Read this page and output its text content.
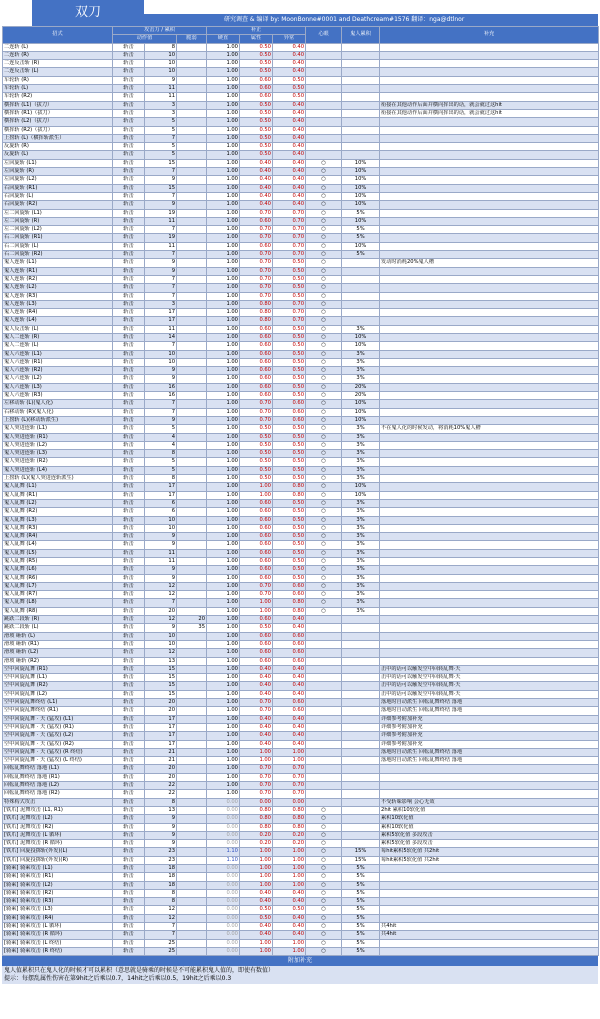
双刀	研究调查 & 编译 by: MoonBonne#0001 and Deathcream#1576 翻译：nga@dtlnor
招式	攻击力 / 累积			补正			心眼	鬼人累积	补充
	动作值		脆弱	硬直	属性	异常			
二连斩 (L)	斩击	8		1.00	0.50	0.40			
二连斩 (R)	斩击	10		1.00	0.50	0.40			
二连反击斩 (R)	斩击	10		1.00	0.50	0.40			
二连反击斩 (L)	斩击	10		1.00	0.50	0.40			
车轮斩 (R)	斩击	9		1.00	0.60	0.50			
车轮斩 (L)	斩击	11		1.00	0.60	0.50			
车轮斩 (R2)	斩击	11		1.00	0.60	0.50			
横挥斩 (L1)（拔刀）	斩击	3		1.00	0.50	0.40			衔接在其他动作后面并横向挥出的话，就会就过这hit
横挥斩 (R1)（拔刀）	斩击	3		1.00	0.50	0.40			衔接在其他动作后面并横向挥出的话，就会就过这hit
横挥斩 (L2)（拔刀）	斩击	5		1.00	0.50	0.40			
横挥斩 (R2)（拔刀）	斩击	5		1.00	0.50	0.40			
上捞斩 (L)（横挥斩派生）	斩击	7		1.00	0.50	0.40			
反旋斩 (R)	斩击	5		1.00	0.50	0.40			
反旋斩 (L)	斩击	5		1.00	0.50	0.40			
左回旋斩 (L1)	斩击	15		1.00	0.40	0.40	○	10%	
左回旋斩 (R)	斩击	7		1.00	0.40	0.40	○	10%	
左回旋斩 (L2)	斩击	9		1.00	0.40	0.40	○	10%	
右回旋斩 (R1)	斩击	15		1.00	0.40	0.40	○	10%	
右回旋斩 (L)	斩击	7		1.00	0.40	0.40	○	10%	
右回旋斩 (R2)	斩击	9		1.00	0.40	0.40	○	10%	
左二回旋斩 (L1)	斩击	19		1.00	0.70	0.70	○	5%	
左二回旋斩 (R)	斩击	11		1.00	0.60	0.70	○	10%	
左二回旋斩 (L2)	斩击	7		1.00	0.70	0.70	○	5%	
右二回旋斩 (R1)	斩击	19		1.00	0.70	0.70	○	5%	
右二回旋斩 (L)	斩击	11		1.00	0.60	0.70	○	10%	
右二回旋斩 (R2)	斩击	7		1.00	0.70	0.70	○	5%	
鬼人连斩 (L1)	斩击	9		1.00	0.70	0.50	○		发动时消耗20%鬼人槽
鬼人连斩 (R1)	斩击	9		1.00	0.70	0.50	○		
鬼人连斩 (R2)	斩击	7		1.00	0.70	0.50	○		
鬼人连斩 (L2)	斩击	7		1.00	0.70	0.50	○		
鬼人连斩 (R3)	斩击	7		1.00	0.70	0.50	○		
鬼人连斩 (L3)	斩击	3		1.00	0.80	0.70	○		
鬼人连斩 (R4)	斩击	17		1.00	0.80	0.70	○		
鬼人连斩 (L4)	斩击	17		1.00	0.80	0.70	○		
鬼人反击斩 (L)	斩击	11		1.00	0.60	0.50	○	3%	
鬼人二连斩 (R)	斩击	14		1.00	0.60	0.50	○	10%	
鬼人二连斩 (L)	斩击	7		1.00	0.60	0.50	○	10%	
鬼人六连斩 (L1)	斩击	10		1.00	0.60	0.50	○	3%	
鬼人六连斩 (R1)	斩击	10		1.00	0.60	0.50	○	3%	
鬼人六连斩 (R2)	斩击	9		1.00	0.60	0.50	○	3%	
鬼人六连斩 (L2)	斩击	9		1.00	0.60	0.50	○	3%	
鬼人六连斩 (L3)	斩击	16		1.00	0.60	0.50	○	20%	
鬼人六连斩 (R3)	斩击	16		1.00	0.60	0.50	○	20%	
左移动斩 (L)(鬼人化)	斩击	7		1.00	0.70	0.60	○	10%	
右移动斩 (R)(鬼人化)	斩击	7		1.00	0.70	0.60	○	10%	
上捞斩 (L)(移动斩派生)	斩击	9		1.00	0.70	0.60	○	10%	
鬼人突进连斩 (L1)	斩击	5		1.00	0.50	0.50	○	3%	不在鬼人化的时候发动，将消耗10%鬼人槽
鬼人突进连斩 (R1)	斩击	4		1.00	0.50	0.50	○	3%	
鬼人突进连斩 (L2)	斩击	4		1.00	0.50	0.50	○	3%	
鬼人突进连斩 (L3)	斩击	8		1.00	0.50	0.50	○	3%	
鬼人突进连斩 (R2)	斩击	5		1.00	0.50	0.50	○	3%	
鬼人突进连斩 (L4)	斩击	5		1.00	0.50	0.50	○	3%	
上捞斩 (L)(鬼人突进连斩派生)	斩击	8		1.00	0.50	0.50	○	3%	
鬼人乱舞 (L1)	斩击	17		1.00	1.00	0.80	○	10%	
鬼人乱舞 (R1)	斩击	17		1.00	1.00	0.80	○	10%	
鬼人乱舞 (L2)	斩击	6		1.00	0.60	0.50	○	3%	
鬼人乱舞 (R2)	斩击	6		1.00	0.60	0.50	○	3%	
鬼人乱舞 (L3)	斩击	10		1.00	0.60	0.50	○	3%	
鬼人乱舞 (R3)	斩击	10		1.00	0.60	0.50	○	3%	
鬼人乱舞 (R4)	斩击	9		1.00	0.60	0.50	○	3%	
鬼人乱舞 (L4)	斩击	9		1.00	0.60	0.50	○	3%	
鬼人乱舞 (L5)	斩击	11		1.00	0.60	0.50	○	3%	
鬼人乱舞 (R5)	斩击	11		1.00	0.60	0.50	○	3%	
鬼人乱舞 (L6)	斩击	9		1.00	0.60	0.50	○	3%	
鬼人乱舞 (R6)	斩击	9		1.00	0.60	0.50	○	3%	
鬼人乱舞 (L7)	斩击	12		1.00	0.70	0.60	○	3%	
鬼人乱舞 (R7)	斩击	12		1.00	0.70	0.60	○	3%	
鬼人乱舞 (L8)	斩击	7		1.00	1.00	0.80	○	3%	
鬼人乱舞 (R8)	斩击	20		1.00	1.00	0.80	○	3%	
跳跃二段斩 (R)	斩击	12	20	1.00	0.60	0.40			
跳跃二段斩 (L)	斩击	9	35	1.00	0.50	0.40			
滑坡 砸斩 (L)	斩击	10		1.00	0.60	0.60			
滑坡 砸斩 (R1)	斩击	10		1.00	0.60	0.60			
滑坡 砸斩 (L2)	斩击	12		1.00	0.60	0.60			
滑坡 砸斩 (R2)	斩击	13		1.00	0.60	0.60			
空中回旋乱舞 (R1)	斩击	15		1.00	0.40	0.40			击中的话可以触发空中回转乱舞·天
空中回旋乱舞 (L1)	斩击	15		1.00	0.40	0.40			击中的话可以触发空中回转乱舞·天
空中回旋乱舞 (R2)	斩击	15		1.00	0.40	0.40			击中的话可以触发空中回转乱舞·天
空中回旋乱舞 (L2)	斩击	15		1.00	0.40	0.40			击中的话可以触发空中回转乱舞·天
空中回旋乱舞终结 (L1)	斩击	20		1.00	0.70	0.60			落地时自动派生 回転乱舞终结 落地
空中回旋乱舞终结 (R1)	斩击	20		1.00	0.70	0.60			落地时自动派生 回転乱舞终结 落地
空中回旋乱舞 · 天 (猛攻) (L1)	斩击	17		1.00	0.40	0.40			详细参考附加补充
空中回旋乱舞 · 天 (猛攻) (R1)	斩击	17		1.00	0.40	0.40			详细参考附加补充
空中回旋乱舞 · 天 (猛攻) (L2)	斩击	17		1.00	0.40	0.40			详细参考附加补充
空中回旋乱舞 · 天 (猛攻) (R2)	斩击	17		1.00	0.40	0.40			详细参考附加补充
空中回旋乱舞 · 天 (猛攻) (R 终结)	斩击	21		1.00	1.00	1.00			落地时自动派生 回転乱舞终结 落地
空中回旋乱舞 · 天 (猛攻) (L 终结)	斩击	21		1.00	1.00	1.00			落地时自动派生 回転乱舞终结 落地
回転乱舞终结 落地 (L1)	斩击	20		1.00	0.70	0.70			
回転乱舞终结 落地 (R1)	斩击	20		1.00	0.70	0.70			
回転乱舞终结 落地 (L2)	斩击	22		1.00	0.70	0.70			
回転乱舞终结 落地 (R2)	斩击	22		1.00	0.70	0.70			
特殊构式攻击	斩击	8		0.00	0.00	0.00			不受斩味影响 会心无效
[铁爪] 泥舞攻击 (L1, R1)	斩击	13		0.00	0.80	0.80	○		2hit 累积10软化值
[铁爪] 泥舞攻击 (L2)	斩击	9		0.00	0.80	0.80	○		累积10软化值
[铁爪] 泥舞攻击 (R2)	斩击	9		0.00	0.80	0.80	○		累积10软化值
[铁爪] 泥舞攻击 (L 循环)	斩击	9		0.00	0.20	0.20	○		累积5软化值 多段攻击
[铁爪] 泥舞攻击 (R 循环)	斩击	9		0.00	0.20	0.20	○		累积5软化值 多段攻击
[铁爪] 回旋投掷斩(外发)(L)	斩击	23		1.10	1.00	1.00	○	15%	每hit累积5软化值 共2hit
[铁爪] 回旋投掷斩(外发)(R)	斩击	23		1.10	1.00	1.00	○	15%	每hit累积5软化值 共2hit
[骑乘] 骑乘攻击 (L1)	斩击	18		0.00	1.00	1.00	○	5%	
[骑乘] 骑乘攻击 (R1)	斩击	18		0.00	1.00	1.00	○	5%	
[骑乘] 骑乘攻击 (L2)	斩击	18		0.00	1.00	1.00	○	5%	
[骑乘] 骑乘攻击 (R2)	斩击	8		0.00	0.40	0.40	○	5%	
[骑乘] 骑乘攻击 (R3)	斩击	8		0.00	0.40	0.40	○	5%	
[骑乘] 骑乘攻击 (L3)	斩击	12		0.00	0.50	0.50	○	5%	
[骑乘] 骑乘攻击 (R4)	斩击	12		0.00	0.50	0.40	○	5%	
[骑乘] 骑乘攻击 (L 循环)	斩击	7		0.00	0.40	0.40	○	5%	共4hit
[骑乘] 骑乘攻击 (R 循环)	斩击	7		0.00	0.40	0.40	○	5%	共4hit
[骑乘] 骑乘攻击 (L 终结)	斩击	25		0.00	1.00	1.00	○	5%	
[骑乘] 骑乘攻击 (R 终结)	斩击	25		0.00	1.00	1.00	○	5%	
附加补充
鬼人值累积只在鬼人化的时候才可以累积（意思就是骑乘的时候是不可能累积鬼人值的，即使有数值）
提示：每摆乱属性伤害在第9hit之后乘以0.7，14hit之后乘以0.5，19hit之后乘以0.3
